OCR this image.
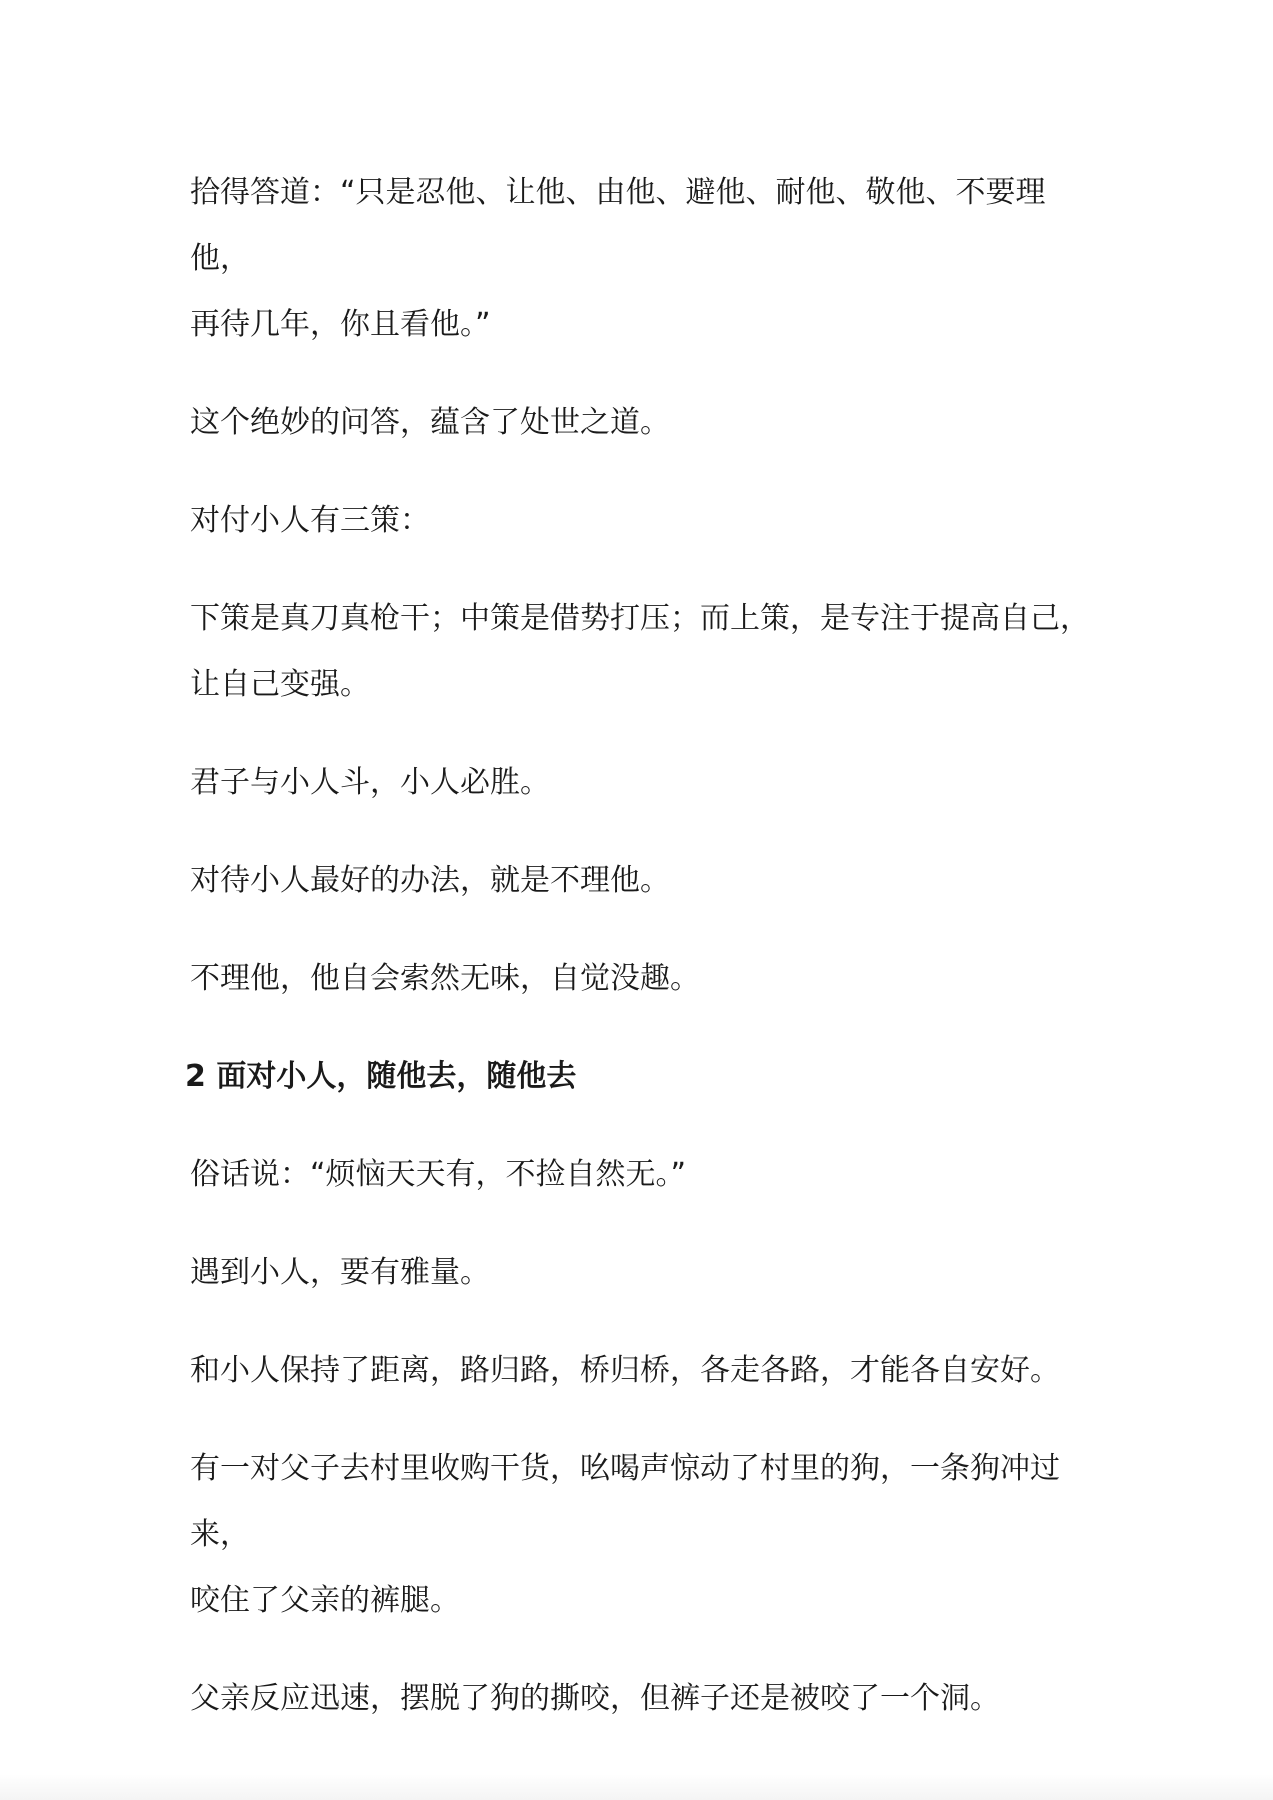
拾得答道：“只是忍他、让他、由他、避他、耐他、敬他、不要理他，
再待几年，你且看他。”

这个绝妙的问答，蕴含了处世之道。

对付小人有三策：

下策是真刀真枪干；中策是借势打压；而上策，是专注于提高自己，
让自己变强。

君子与小人斗，小人必胜。

对待小人最好的办法，就是不理他。

不理他，他自会索然无味，自觉没趣。

2 面对小人，随他去，随他去

俗话说：“烦恼天天有，不捡自然无。”

遇到小人，要有雅量。

和小人保持了距离，路归路，桥归桥，各走各路，才能各自安好。

有一对父子去村里收购干货，吆喝声惊动了村里的狗，一条狗冲过来，
咬住了父亲的裤腿。

父亲反应迅速，摆脱了狗的撕咬，但裤子还是被咬了一个洞。
